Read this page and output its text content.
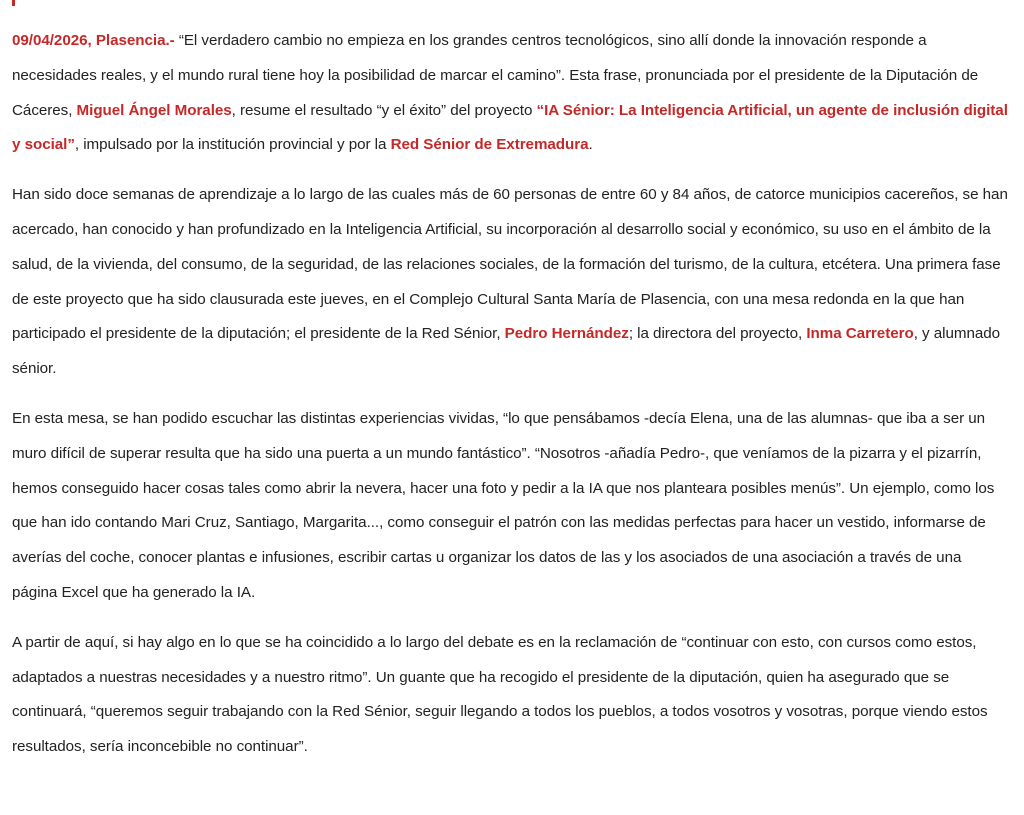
09/04/2026, Plasencia.- “El verdadero cambio no empieza en los grandes centros tecnológicos, sino allí donde la innovación responde a necesidades reales, y el mundo rural tiene hoy la posibilidad de marcar el camino”. Esta frase, pronunciada por el presidente de la Diputación de Cáceres, Miguel Ángel Morales, resume el resultado “y el éxito” del proyecto “IA Sénior: La Inteligencia Artificial, un agente de inclusión digital y social”, impulsado por la institución provincial y por la Red Sénior de Extremadura.

Han sido doce semanas de aprendizaje a lo largo de las cuales más de 60 personas de entre 60 y 84 años, de catorce municipios cacereños, se han acercado, han conocido y han profundizado en la Inteligencia Artificial, su incorporación al desarrollo social y económico, su uso en el ámbito de la salud, de la vivienda, del consumo, de la seguridad, de las relaciones sociales, de la formación del turismo, de la cultura, etcétera. Una primera fase de este proyecto que ha sido clausurada este jueves, en el Complejo Cultural Santa María de Plasencia, con una mesa redonda en la que han participado el presidente de la diputación; el presidente de la Red Sénior, Pedro Hernández; la directora del proyecto, Inma Carretero, y alumnado sénior.

En esta mesa, se han podido escuchar las distintas experiencias vividas, “lo que pensábamos -decía Elena, una de las alumnas- que iba a ser un muro difícil de superar resulta que ha sido una puerta a un mundo fantástico”. “Nosotros -añadía Pedro-, que veníamos de la pizarra y el pizarrín, hemos conseguido hacer cosas tales como abrir la nevera, hacer una foto y pedir a la IA que nos planteara posibles menús”. Un ejemplo, como los que han ido contando Mari Cruz, Santiago, Margarita..., como conseguir el patrón con las medidas perfectas para hacer un vestido, informarse de averías del coche, conocer plantas e infusiones, escribir cartas u organizar los datos de las y los asociados de una asociación a través de una página Excel que ha generado la IA.

A partir de aquí, si hay algo en lo que se ha coincidido a lo largo del debate es en la reclamación de “continuar con esto, con cursos como estos, adaptados a nuestras necesidades y a nuestro ritmo”. Un guante que ha recogido el presidente de la diputación, quien ha asegurado que se continuará, “queremos seguir trabajando con la Red Sénior, seguir llegando a todos los pueblos, a todos vosotros y vosotras, porque viendo estos resultados, sería inconcebible no continuar”.
